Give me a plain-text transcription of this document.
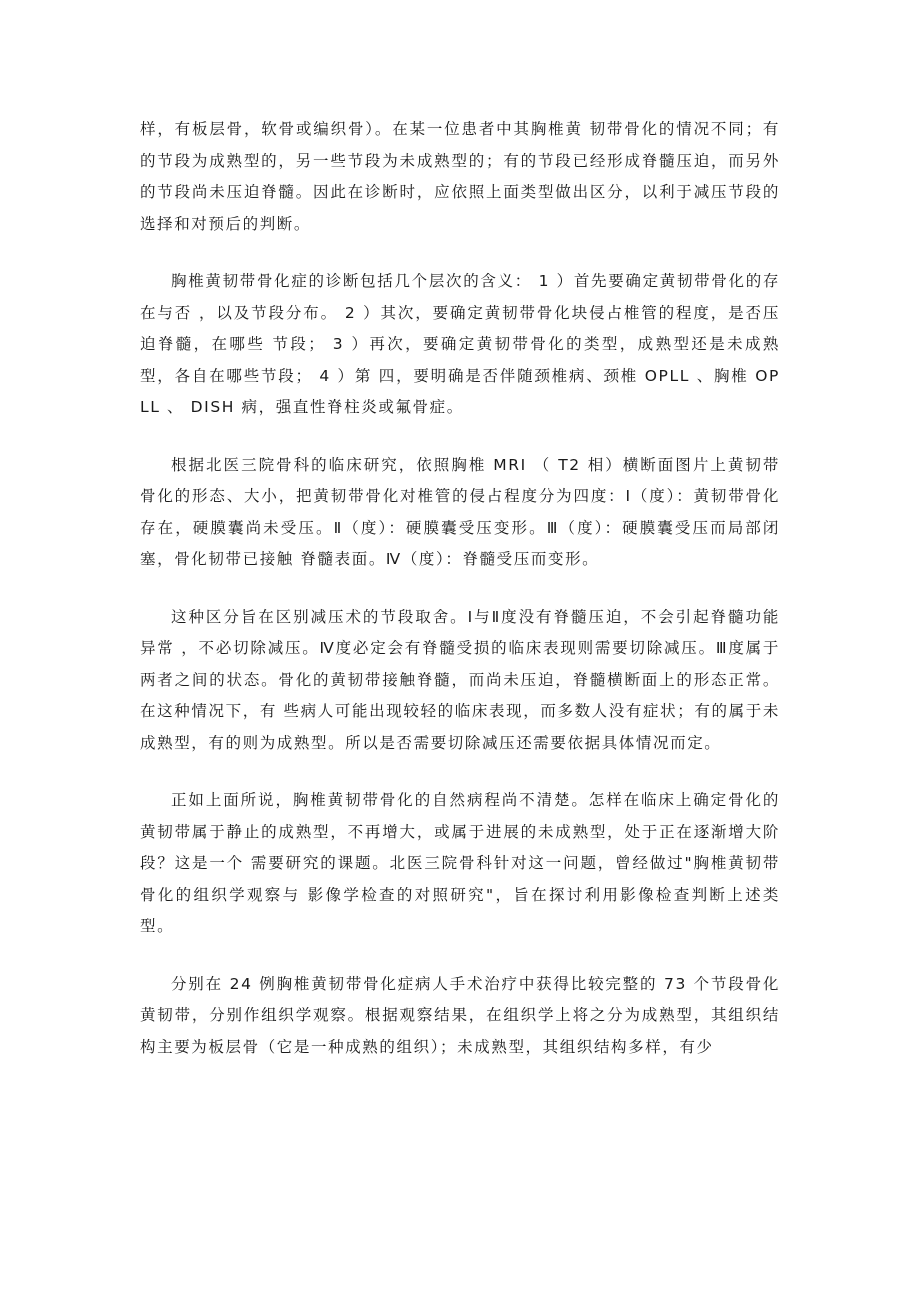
样，有板层骨，软骨或编织骨）。在某一位患者中其胸椎黄 韧带骨化的情况不同；有的节段为成熟型的，另一些节段为未成熟型的；有的节段已经形成脊髓压迫，而另外的节段尚未压迫脊髓。因此在诊断时，应依照上面类型做出区分，以利于减压节段的选择和对预后的判断。

胸椎黄韧带骨化症的诊断包括几个层次的含义： 1 ）首先要确定黄韧带骨化的存在与否 ，以及节段分布。 2 ）其次，要确定黄韧带骨化块侵占椎管的程度，是否压迫脊髓，在哪些 节段； 3 ）再次，要确定黄韧带骨化的类型，成熟型还是未成熟型，各自在哪些节段； 4 ）第 四，要明确是否伴随颈椎病、颈椎 OPLL 、胸椎 OPLL 、 DISH 病，强直性脊柱炎或氟骨症。

根据北医三院骨科的临床研究，依照胸椎 MRI （ T2 相）横断面图片上黄韧带骨化的形态、大小，把黄韧带骨化对椎管的侵占程度分为四度：Ⅰ（度）：黄韧带骨化存在，硬膜囊尚未受压。Ⅱ（度）：硬膜囊受压变形。Ⅲ（度）：硬膜囊受压而局部闭塞，骨化韧带已接触 脊髓表面。Ⅳ（度）：脊髓受压而变形。

这种区分旨在区别减压术的节段取舍。Ⅰ与Ⅱ度没有脊髓压迫，不会引起脊髓功能异常 ，不必切除减压。Ⅳ度必定会有脊髓受损的临床表现则需要切除减压。Ⅲ度属于两者之间的状态。骨化的黄韧带接触脊髓，而尚未压迫，脊髓横断面上的形态正常。在这种情况下，有 些病人可能出现较轻的临床表现，而多数人没有症状；有的属于未成熟型，有的则为成熟型。所以是否需要切除减压还需要依据具体情况而定。

正如上面所说，胸椎黄韧带骨化的自然病程尚不清楚。怎样在临床上确定骨化的黄韧带属于静止的成熟型，不再增大，或属于进展的未成熟型，处于正在逐渐增大阶段？这是一个 需要研究的课题。北医三院骨科针对这一问题，曾经做过"胸椎黄韧带骨化的组织学观察与 影像学检查的对照研究"，旨在探讨利用影像检查判断上述类型。

分别在 24 例胸椎黄韧带骨化症病人手术治疗中获得比较完整的 73 个节段骨化黄韧带，分别作组织学观察。根据观察结果，在组织学上将之分为成熟型，其组织结构主要为板层骨（它是一种成熟的组织）；未成熟型，其组织结构多样，有少
